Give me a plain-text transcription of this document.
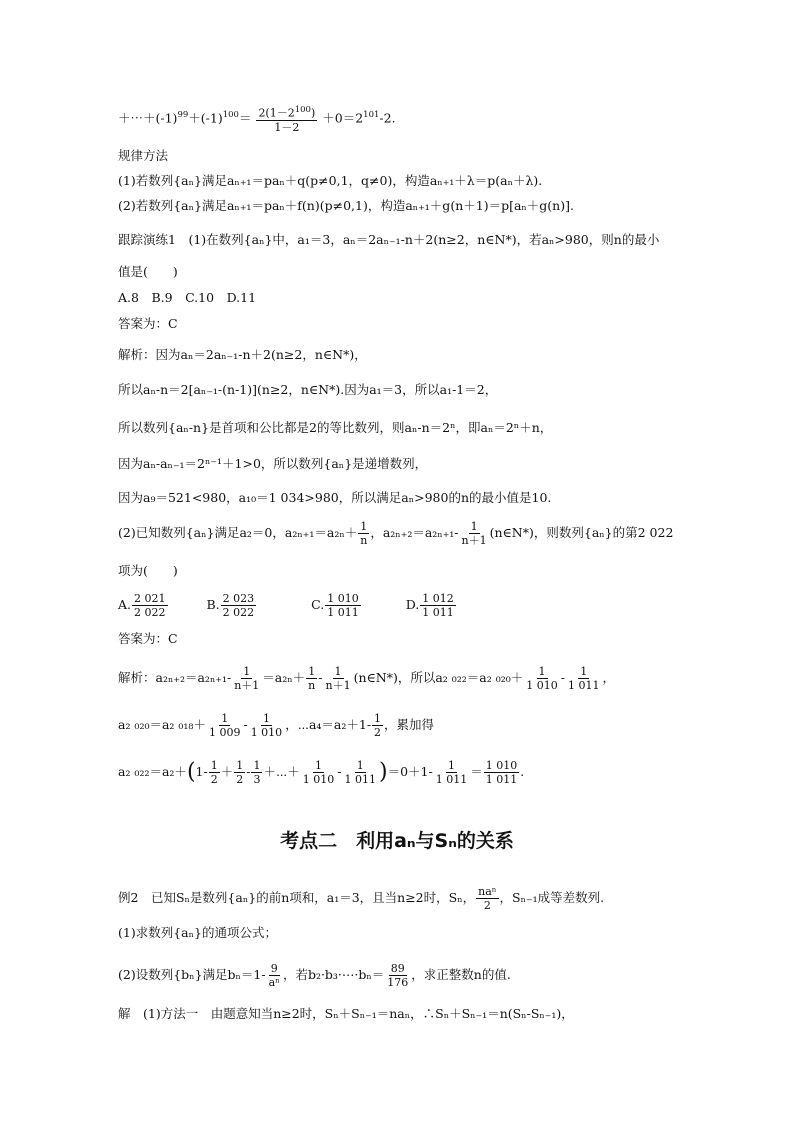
$+\cdots+(-1)^{99}+(-1)^{100}= \frac{2(1-2^{100})}{1-2} +0=2^{101}-2$.
规律方法
(1)若数列{aₙ}满足aₙ₊₁＝paₙ＋q(p≠0,1，q≠0)，构造aₙ₊₁＋λ＝p(aₙ＋λ).
(2)若数列{aₙ}满足aₙ₊₁＝paₙ＋f(n)(p≠0,1)，构造aₙ₊₁＋g(n＋1)＝p[aₙ＋g(n)].
跟踪演练1　(1)在数列{aₙ}中，a₁＝3，aₙ＝2aₙ₋₁-n＋2(n≥2，n∈N*)，若aₙ>980，则n的最小
值是(　　)
A.8　B.9　C.10　D.11
答案为：C
解析：因为aₙ＝2aₙ₋₁-n＋2(n≥2，n∈N*)，
所以aₙ-n＝2[aₙ₋₁-(n-1)](n≥2，n∈N*).因为a₁＝3，所以a₁-1＝2，
所以数列{aₙ-n}是首项和公比都是2的等比数列，则aₙ-n＝2ⁿ，即aₙ＝2ⁿ＋n，
因为aₙ-aₙ₋₁＝2ⁿ⁻¹＋1>0，所以数列{aₙ}是递增数列，
因为a₉＝521<980，a₁₀＝1 034>980，所以满足aₙ>980的n的最小值是10.
(2)已知数列{aₙ}满足a₂＝0，$a_{2n+1}=a_{2n}+ \frac{1}{n}$ ，$a_{2n+2}=a_{2n+1}- \frac{1}{n+1}$ (n∈N*)，则数列{aₙ}的第2 022
项为(　　)
A. $\frac{2 021}{2 022}$	B. $\frac{2 023}{2 022}$	C. $\frac{1 010}{1 011}$	D. $\frac{1 012}{1 011}$
答案为：C
解析：$a_{2n+2}=a_{2n+1}- \frac{1}{n+1} =a_{2n}+ \frac{1}{n} - \frac{1}{n+1}$ (n∈N*)，所以a₂ ₀₂₂＝a₂ $_{020}+ \frac{1}{1 010} - \frac{1}{1 011}$ ，
a₂ ₀₂₀＝a₂ $_{018}+ \frac{1}{1 009} - \frac{1}{1 010}$ ，⋯a₄＝a₂＋1- $\frac{1}{2}$ ，累加得
a₂ $_{022}=a_2+(1- \frac{1}{2} + \frac{1}{2} - \frac{1}{3}$ ＋⋯＋ $\frac{1}{1 010} - \frac{1}{1 011} )=0+1- \frac{1}{1 011} = \frac{1 010}{1 011}$ .
考点二　利用aₙ与Sₙ的关系
例2　已知Sₙ是数列{aₙ}的前n项和，a₁＝3，且当n≥2时，Sₙ， naⁿ
2
，Sₙ₋₁成等差数列.
(1)求数列{aₙ}的通项公式；
(2)设数列{bₙ}满足$b_n=1- \frac{9}{\text{aⁿ}}$ ，若b₂·b₃·⋯·bₙ＝ $\frac{89}{176}$ ，求正整数n的值.
解　(1)方法一　由题意知当n≥2时，Sₙ＋Sₙ₋₁＝naₙ，∴Sₙ＋Sₙ₋₁＝n(Sₙ-Sₙ₋₁)，
